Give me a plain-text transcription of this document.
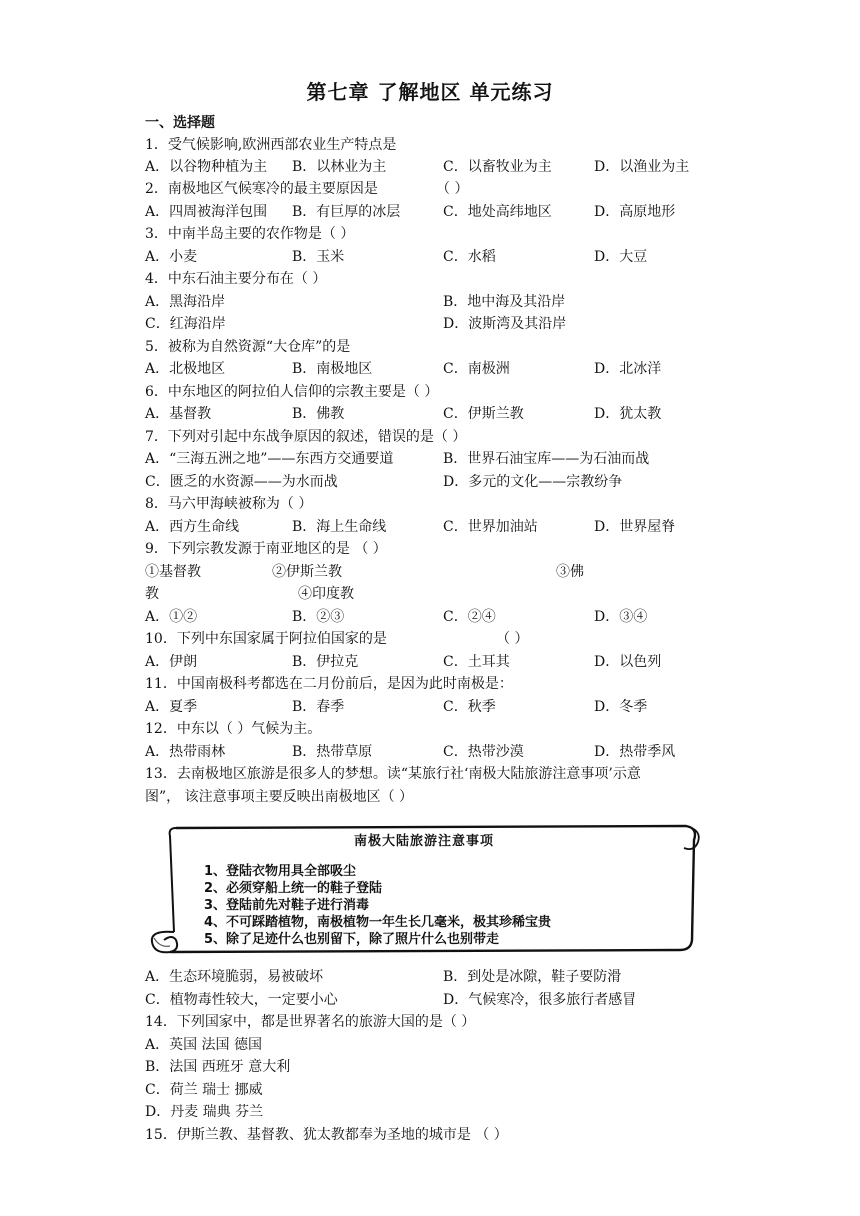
第七章 了解地区 单元练习
一、选择题
1．受气候影响,欧洲西部农业生产特点是
A．以谷物种植为主 B．以林业为主	C．以畜牧业为主	D．以渔业为主
2．南极地区气候寒冷的最主要原因是	（ ）
A．四周被海洋包围 B．有巨厚的冰层	C．地处高纬地区	D．高原地形
3．中南半岛主要的农作物是（ ）
A．小麦	B．玉米	C．水稻	D．大豆
4．中东石油主要分布在（ ）
A．黑海沿岸	B．地中海及其沿岸
C．红海沿岸	D．波斯湾及其沿岸
5．被称为自然资源“大仓库”的是
A．北极地区	B．南极地区	C．南极洲	D．北冰洋
6．中东地区的阿拉伯人信仰的宗教主要是（ ）
A．基督教	B．佛教	C．伊斯兰教	D．犹太教
7．下列对引起中东战争原因的叙述，错误的是（ ）
A．“三海五洲之地”——东西方交通要道	B．世界石油宝库——为石油而战
C．匮乏的水资源——为水而战	D．多元的文化——宗教纷争
8．马六甲海峡被称为（ ）
A．西方生命线	B．海上生命线	C．世界加油站	D．世界屋脊
9．下列宗教发源于南亚地区的是 （ ）
①基督教	②伊斯兰教	③佛
教	④印度教
A．①②	B．②③	C．②④	D．③④
10．下列中东国家属于阿拉伯国家的是	（ ）
A．伊朗	B．伊拉克	C．土耳其	D．以色列
11．中国南极科考都选在二月份前后，是因为此时南极是：
A．夏季	B．春季	C．秋季	D．冬季
12．中东以（ ）气候为主。
A．热带雨林	B．热带草原	C．热带沙漠	D．热带季风
13．去南极地区旅游是很多人的梦想。读“某旅行社‘南极大陆旅游注意事项’示意
图”， 该注意事项主要反映出南极地区（ ）
南极大陆旅游注意事项
1、登陆衣物用具全部吸尘
2、必须穿船上统一的鞋子登陆
3、登陆前先对鞋子进行消毒
4、不可踩踏植物，南极植物一年生长几毫米，极其珍稀宝贵
5、除了足迹什么也别留下，除了照片什么也别带走
A．生态环境脆弱，易被破坏	B．到处是冰隙，鞋子要防滑
C．植物毒性较大，一定要小心	D．气候寒冷，很多旅行者感冒
14．下列国家中，都是世界著名的旅游大国的是（ ）
A．英国 法国 德国
B．法国 西班牙 意大利
C．荷兰 瑞士 挪威
D．丹麦 瑞典 芬兰
15．伊斯兰教、基督教、犹太教都奉为圣地的城市是 （ ）
